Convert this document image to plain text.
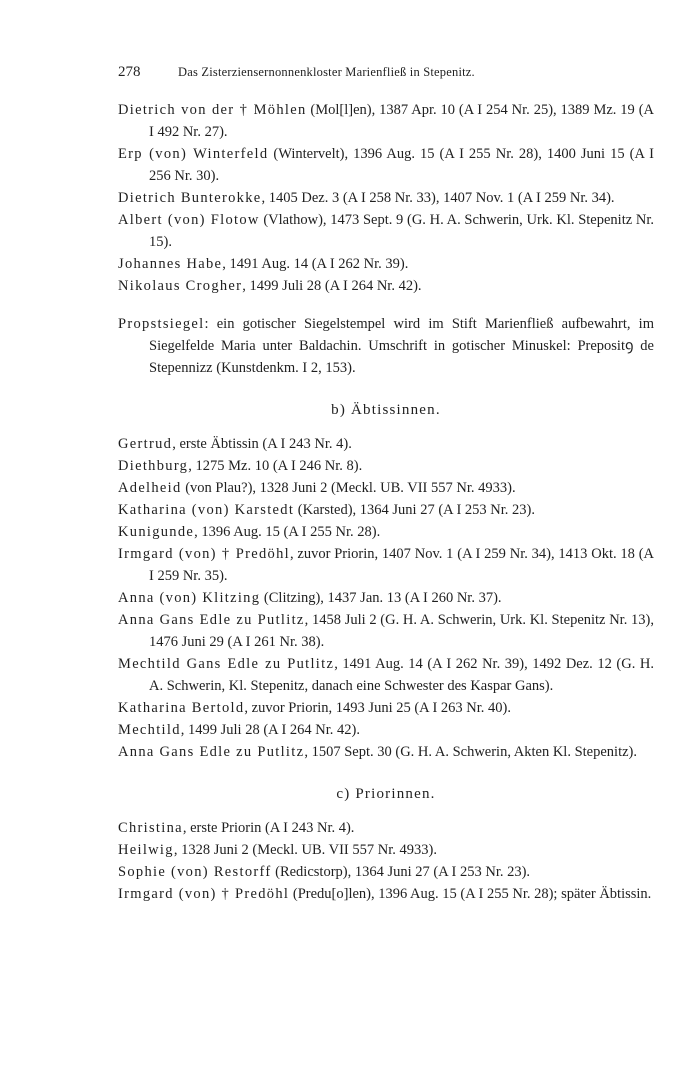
278	Das Zisterziensernonnenkloster Marienfließ in Stepenitz.
Dietrich von der † Möhlen (Mol[l]en), 1387 Apr. 10 (A I 254 Nr. 25), 1389 Mz. 19 (A I 492 Nr. 27).
Erp (von) Winterfeld (Wintervelt), 1396 Aug. 15 (A I 255 Nr. 28), 1400 Juni 15 (A I 256 Nr. 30).
Dietrich Bunterokke, 1405 Dez. 3 (A I 258 Nr. 33), 1407 Nov. 1 (A I 259 Nr. 34).
Albert (von) Flotow (Vlathow), 1473 Sept. 9 (G. H. A. Schwerin, Urk. Kl. Stepenitz Nr. 15).
Johannes Habe, 1491 Aug. 14 (A I 262 Nr. 39).
Nikolaus Crogher, 1499 Juli 28 (A I 264 Nr. 42).
Propstsiegel: ein gotischer Siegelstempel wird im Stift Marienfließ aufbewahrt, im Siegelfelde Maria unter Baldachin. Umschrift in gotischer Minuskel: Prepositꝯ de Stepennizz (Kunstdenkm. I 2, 153).
b) Äbtissinnen.
Gertrud, erste Äbtissin (A I 243 Nr. 4).
Diethburg, 1275 Mz. 10 (A I 246 Nr. 8).
Adelheid (von Plau?), 1328 Juni 2 (Meckl. UB. VII 557 Nr. 4933).
Katharina (von) Karstedt (Karsted), 1364 Juni 27 (A I 253 Nr. 23).
Kunigunde, 1396 Aug. 15 (A I 255 Nr. 28).
Irmgard (von) † Predöhl, zuvor Priorin, 1407 Nov. 1 (A I 259 Nr. 34), 1413 Okt. 18 (A I 259 Nr. 35).
Anna (von) Klitzing (Clitzing), 1437 Jan. 13 (A I 260 Nr. 37).
Anna Gans Edle zu Putlitz, 1458 Juli 2 (G. H. A. Schwerin, Urk. Kl. Stepenitz Nr. 13), 1476 Juni 29 (A I 261 Nr. 38).
Mechtild Gans Edle zu Putlitz, 1491 Aug. 14 (A I 262 Nr. 39), 1492 Dez. 12 (G. H. A. Schwerin, Kl. Stepenitz, danach eine Schwester des Kaspar Gans).
Katharina Bertold, zuvor Priorin, 1493 Juni 25 (A I 263 Nr. 40).
Mechtild, 1499 Juli 28 (A I 264 Nr. 42).
Anna Gans Edle zu Putlitz, 1507 Sept. 30 (G. H. A. Schwerin, Akten Kl. Stepenitz).
c) Priorinnen.
Christina, erste Priorin (A I 243 Nr. 4).
Heilwig, 1328 Juni 2 (Meckl. UB. VII 557 Nr. 4933).
Sophie (von) Restorff (Redicstorp), 1364 Juni 27 (A I 253 Nr. 23).
Irmgard (von) † Predöhl (Predu[o]len), 1396 Aug. 15 (A I 255 Nr. 28); später Äbtissin.
